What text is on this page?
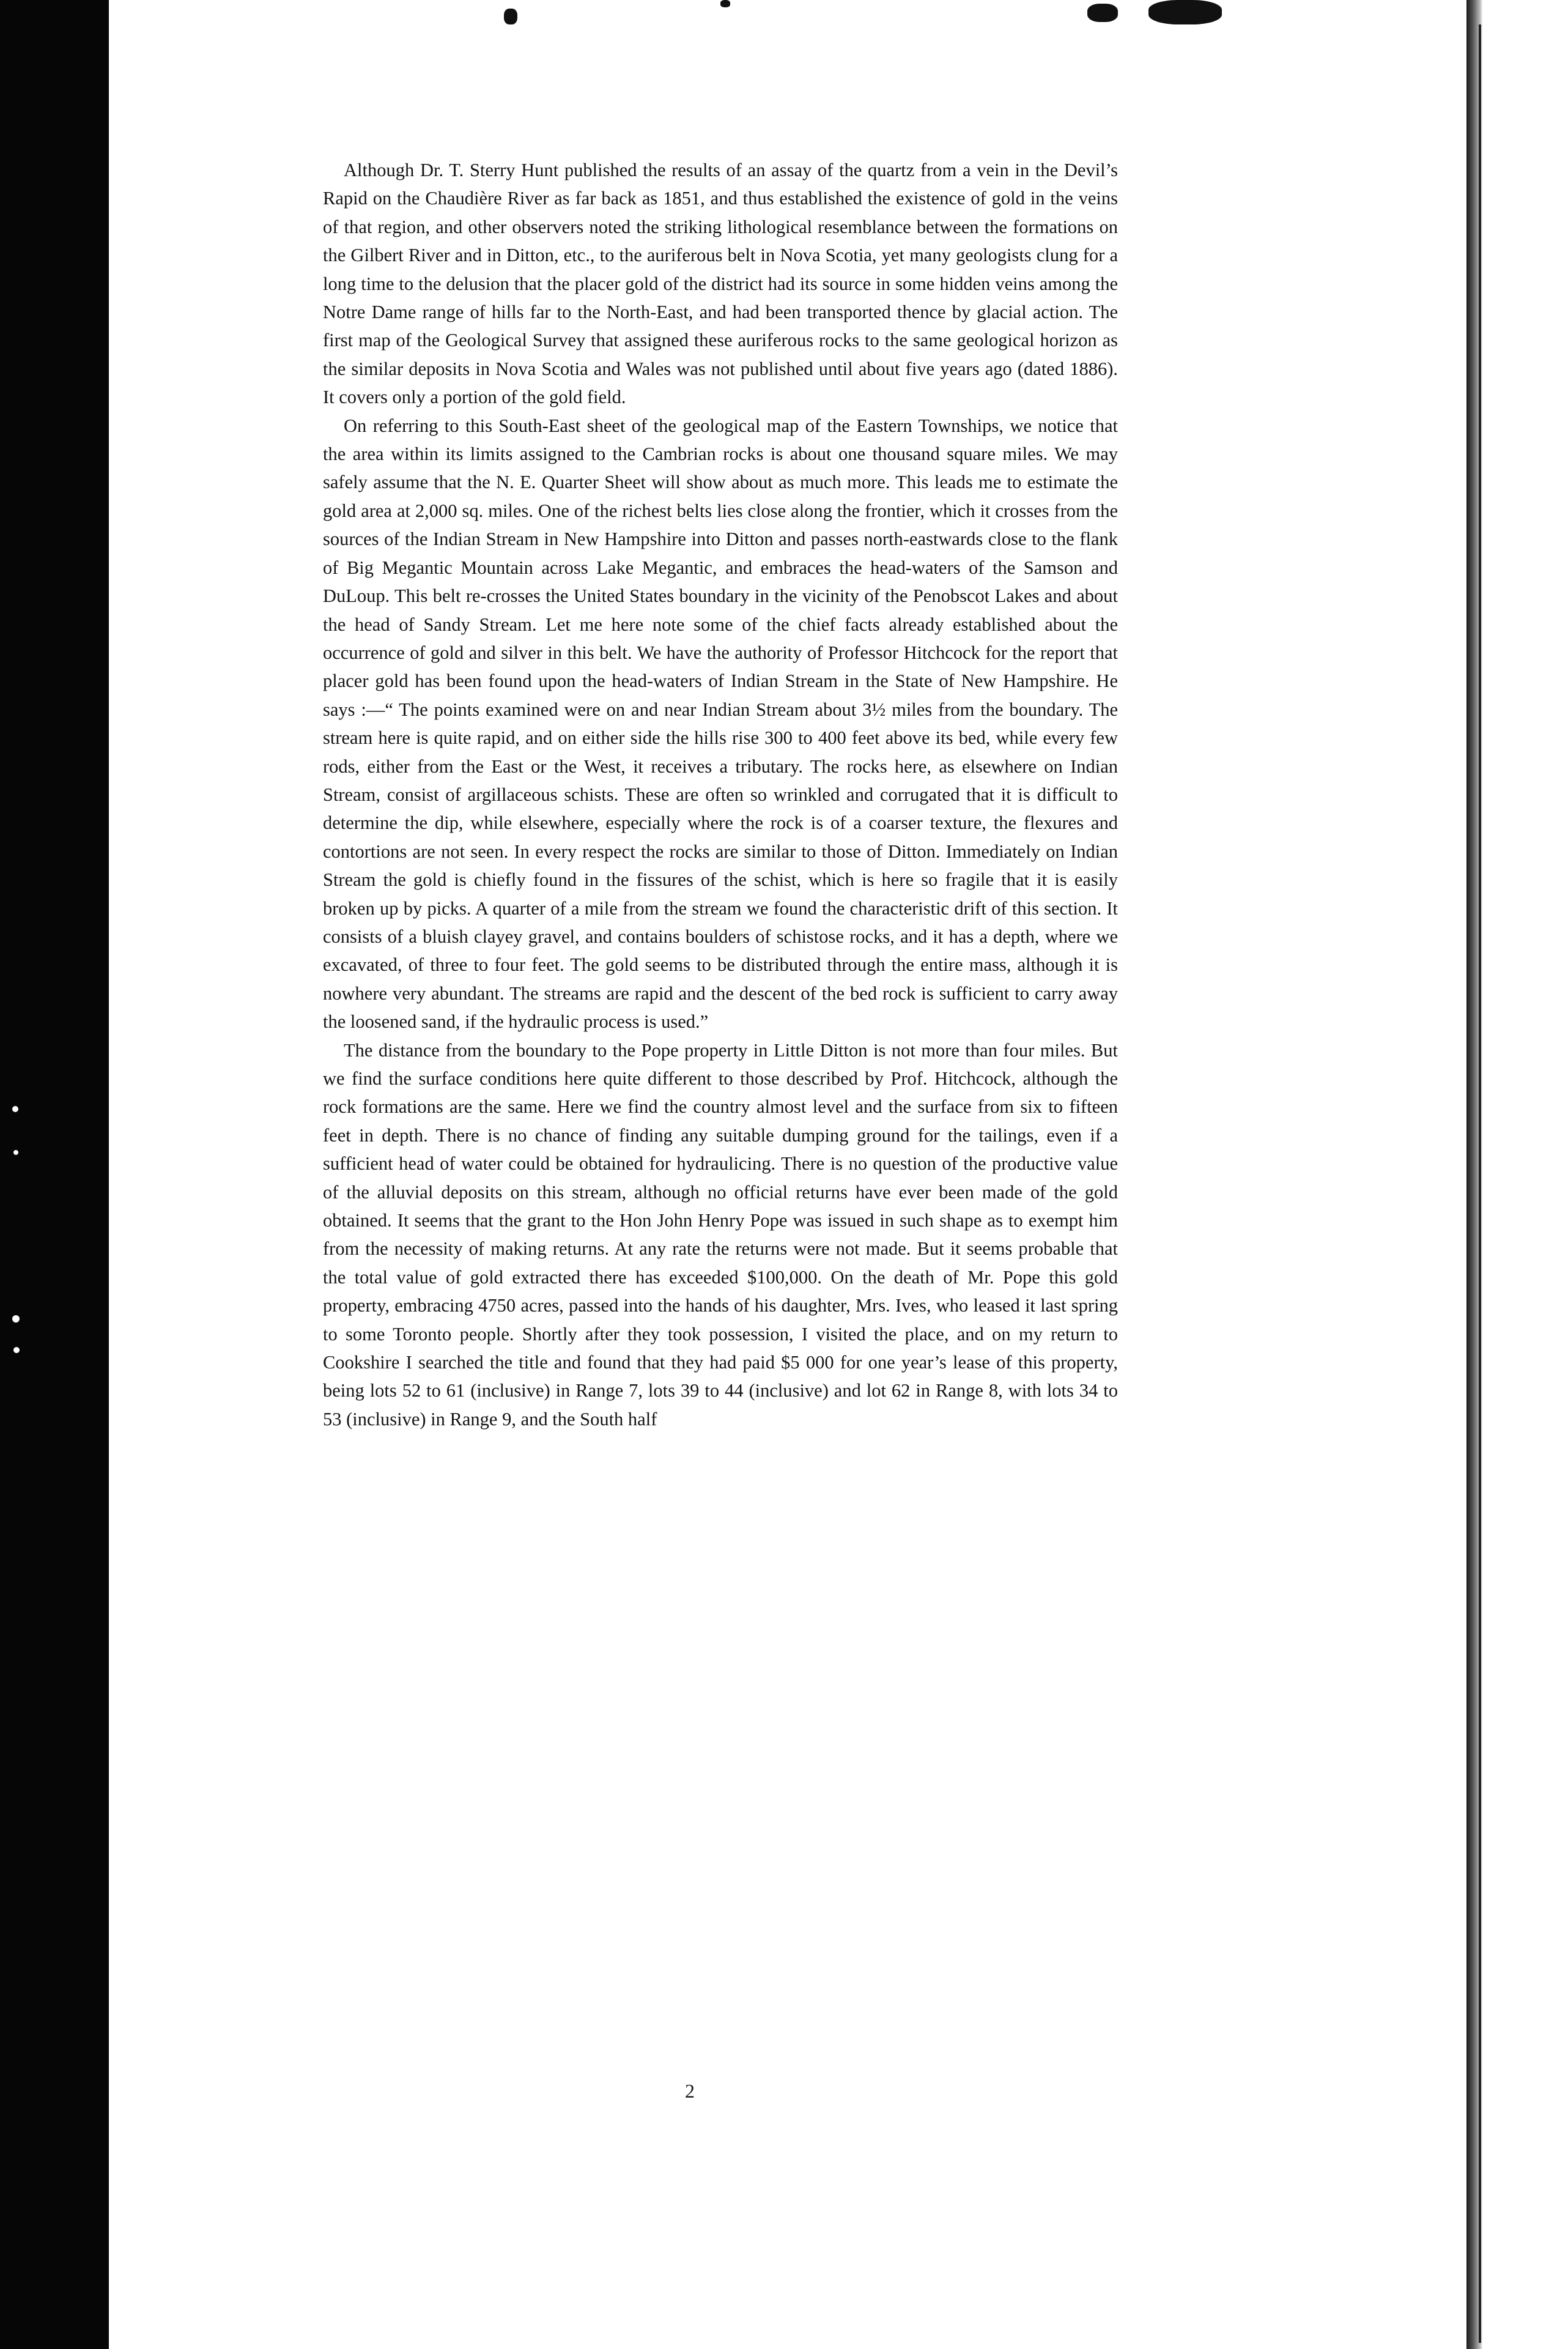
Although Dr. T. Sterry Hunt published the results of an assay of the quartz from a vein in the Devil’s Rapid on the Chaudière River as far back as 1851, and thus established the existence of gold in the veins of that region, and other observers noted the striking lithological resemblance between the formations on the Gilbert River and in Ditton, etc., to the auriferous belt in Nova Scotia, yet many geologists clung for a long time to the delusion that the placer gold of the district had its source in some hidden veins among the Notre Dame range of hills far to the North-East, and had been transported thence by glacial action. The first map of the Geological Survey that assigned these auriferous rocks to the same geological horizon as the similar deposits in Nova Scotia and Wales was not published until about five years ago (dated 1886). It covers only a portion of the gold field.

On referring to this South-East sheet of the geological map of the Eastern Townships, we notice that the area within its limits assigned to the Cambrian rocks is about one thousand square miles. We may safely assume that the N. E. Quarter Sheet will show about as much more. This leads me to estimate the gold area at 2,000 sq. miles. One of the richest belts lies close along the frontier, which it crosses from the sources of the Indian Stream in New Hampshire into Ditton and passes north-eastwards close to the flank of Big Megantic Mountain across Lake Megantic, and embraces the head-waters of the Samson and DuLoup. This belt re-crosses the United States boundary in the vicinity of the Penobscot Lakes and about the head of Sandy Stream. Let me here note some of the chief facts already established about the occurrence of gold and silver in this belt. We have the authority of Professor Hitchcock for the report that placer gold has been found upon the head-waters of Indian Stream in the State of New Hampshire. He says :—“ The points examined were on and near Indian Stream about 3½ miles from the boundary. The stream here is quite rapid, and on either side the hills rise 300 to 400 feet above its bed, while every few rods, either from the East or the West, it receives a tributary. The rocks here, as elsewhere on Indian Stream, consist of argillaceous schists. These are often so wrinkled and corrugated that it is difficult to determine the dip, while elsewhere, especially where the rock is of a coarser texture, the flexures and contortions are not seen. In every respect the rocks are similar to those of Ditton. Immediately on Indian Stream the gold is chiefly found in the fissures of the schist, which is here so fragile that it is easily broken up by picks. A quarter of a mile from the stream we found the characteristic drift of this section. It consists of a bluish clayey gravel, and contains boulders of schistose rocks, and it has a depth, where we excavated, of three to four feet. The gold seems to be distributed through the entire mass, although it is nowhere very abundant. The streams are rapid and the descent of the bed rock is sufficient to carry away the loosened sand, if the hydraulic process is used.”

The distance from the boundary to the Pope property in Little Ditton is not more than four miles. But we find the surface conditions here quite different to those described by Prof. Hitchcock, although the rock formations are the same. Here we find the country almost level and the surface from six to fifteen feet in depth. There is no chance of finding any suitable dumping ground for the tailings, even if a sufficient head of water could be obtained for hydraulicing. There is no question of the productive value of the alluvial deposits on this stream, although no official returns have ever been made of the gold obtained. It seems that the grant to the Hon John Henry Pope was issued in such shape as to exempt him from the necessity of making returns. At any rate the returns were not made. But it seems probable that the total value of gold extracted there has exceeded $100,000. On the death of Mr. Pope this gold property, embracing 4750 acres, passed into the hands of his daughter, Mrs. Ives, who leased it last spring to some Toronto people. Shortly after they took possession, I visited the place, and on my return to Cookshire I searched the title and found that they had paid $5 000 for one year’s lease of this property, being lots 52 to 61 (inclusive) in Range 7, lots 39 to 44 (inclusive) and lot 62 in Range 8, with lots 34 to 53 (inclusive) in Range 9, and the South half

2
